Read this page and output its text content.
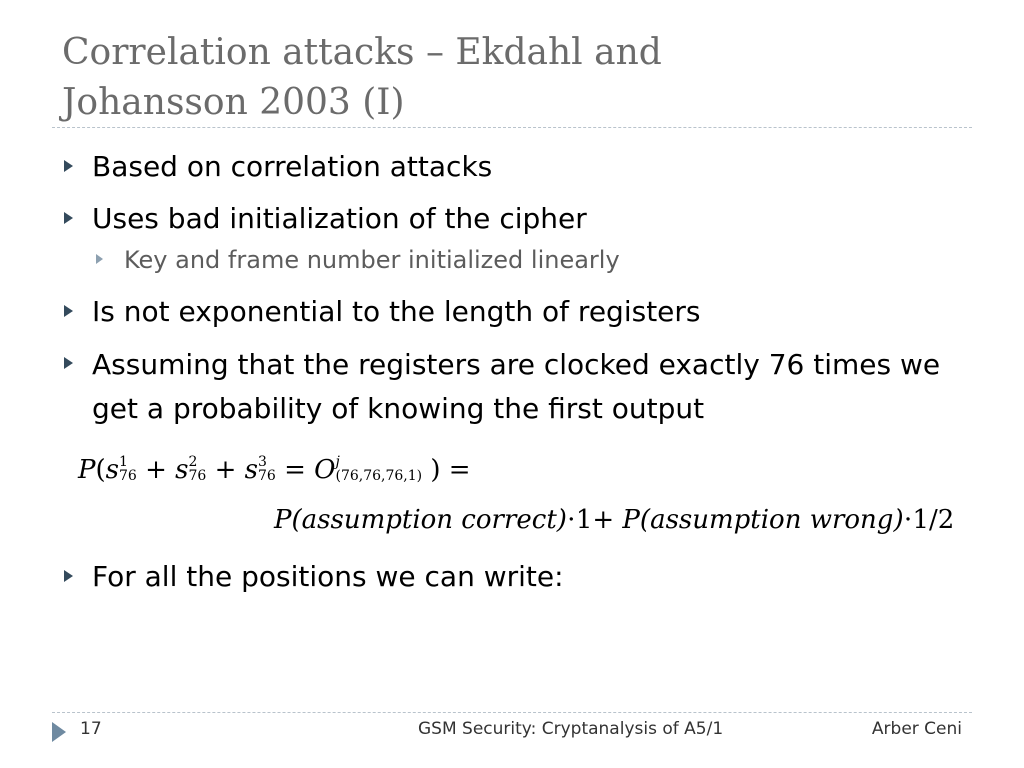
Correlation attacks – Ekdahl and
Johansson 2003 (I)
Based on correlation attacks
Uses bad initialization of the cipher
Key and frame number initialized linearly
Is not exponential to the length of registers
Assuming that the registers are clocked exactly 76 times we get a probability of knowing the first output
P(s 1
76 + s 2
76 + s 3
76 = O j
(76,76,76,1) ) =
P(assumption correct)⋅1+ P(assumption wrong)⋅1/2
For all the positions we can write:
17	GSM Security: Cryptanalysis of A5/1	Arber Ceni
